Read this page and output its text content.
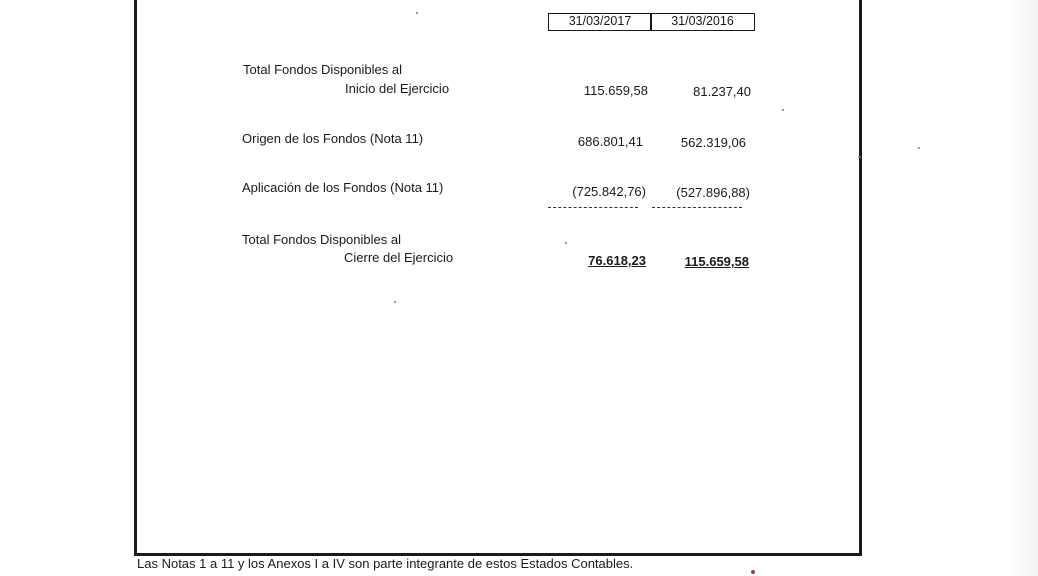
31/03/2017	31/03/2016
Total Fondos Disponibles al
Inicio del Ejercicio	115.659,58	81.237,40
Origen de los Fondos (Nota 11)	686.801,41	562.319,06
Aplicación de los Fondos (Nota 11)	(725.842,76) (527.896,88)
Total Fondos Disponibles al
Cierre del Ejercicio	76.618,23	115.659,58
Las Notas 1 a 11 y los Anexos I a IV son parte integrante de estos Estados Contables.
